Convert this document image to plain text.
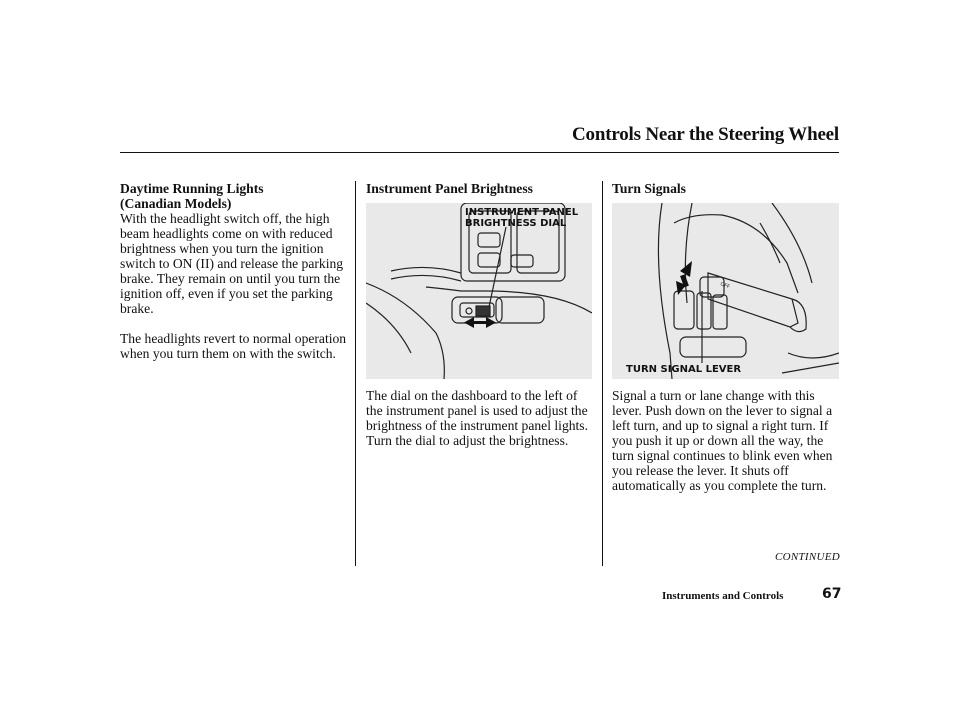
Controls Near the Steering Wheel

Daytime Running Lights
(Canadian Models)

With the headlight switch off, the high beam headlights come on with reduced brightness when you turn the ignition switch to ON (II) and release the parking brake. They remain on until you turn the ignition off, even if you set the parking brake.

The headlights revert to normal operation when you turn them on with the switch.

Instrument Panel Brightness

INSTRUMENT PANEL
BRIGHTNESS DIAL

The dial on the dashboard to the left of the instrument panel is used to adjust the brightness of the instrument panel lights. Turn the dial to adjust the brightness.

Turn Signals

OFF
TURN SIGNAL LEVER

Signal a turn or lane change with this lever. Push down on the lever to signal a left turn, and up to signal a right turn. If you push it up or down all the way, the turn signal continues to blink even when you release the lever. It shuts off automatically as you complete the turn.

CONTINUED
Instruments and Controls	67
